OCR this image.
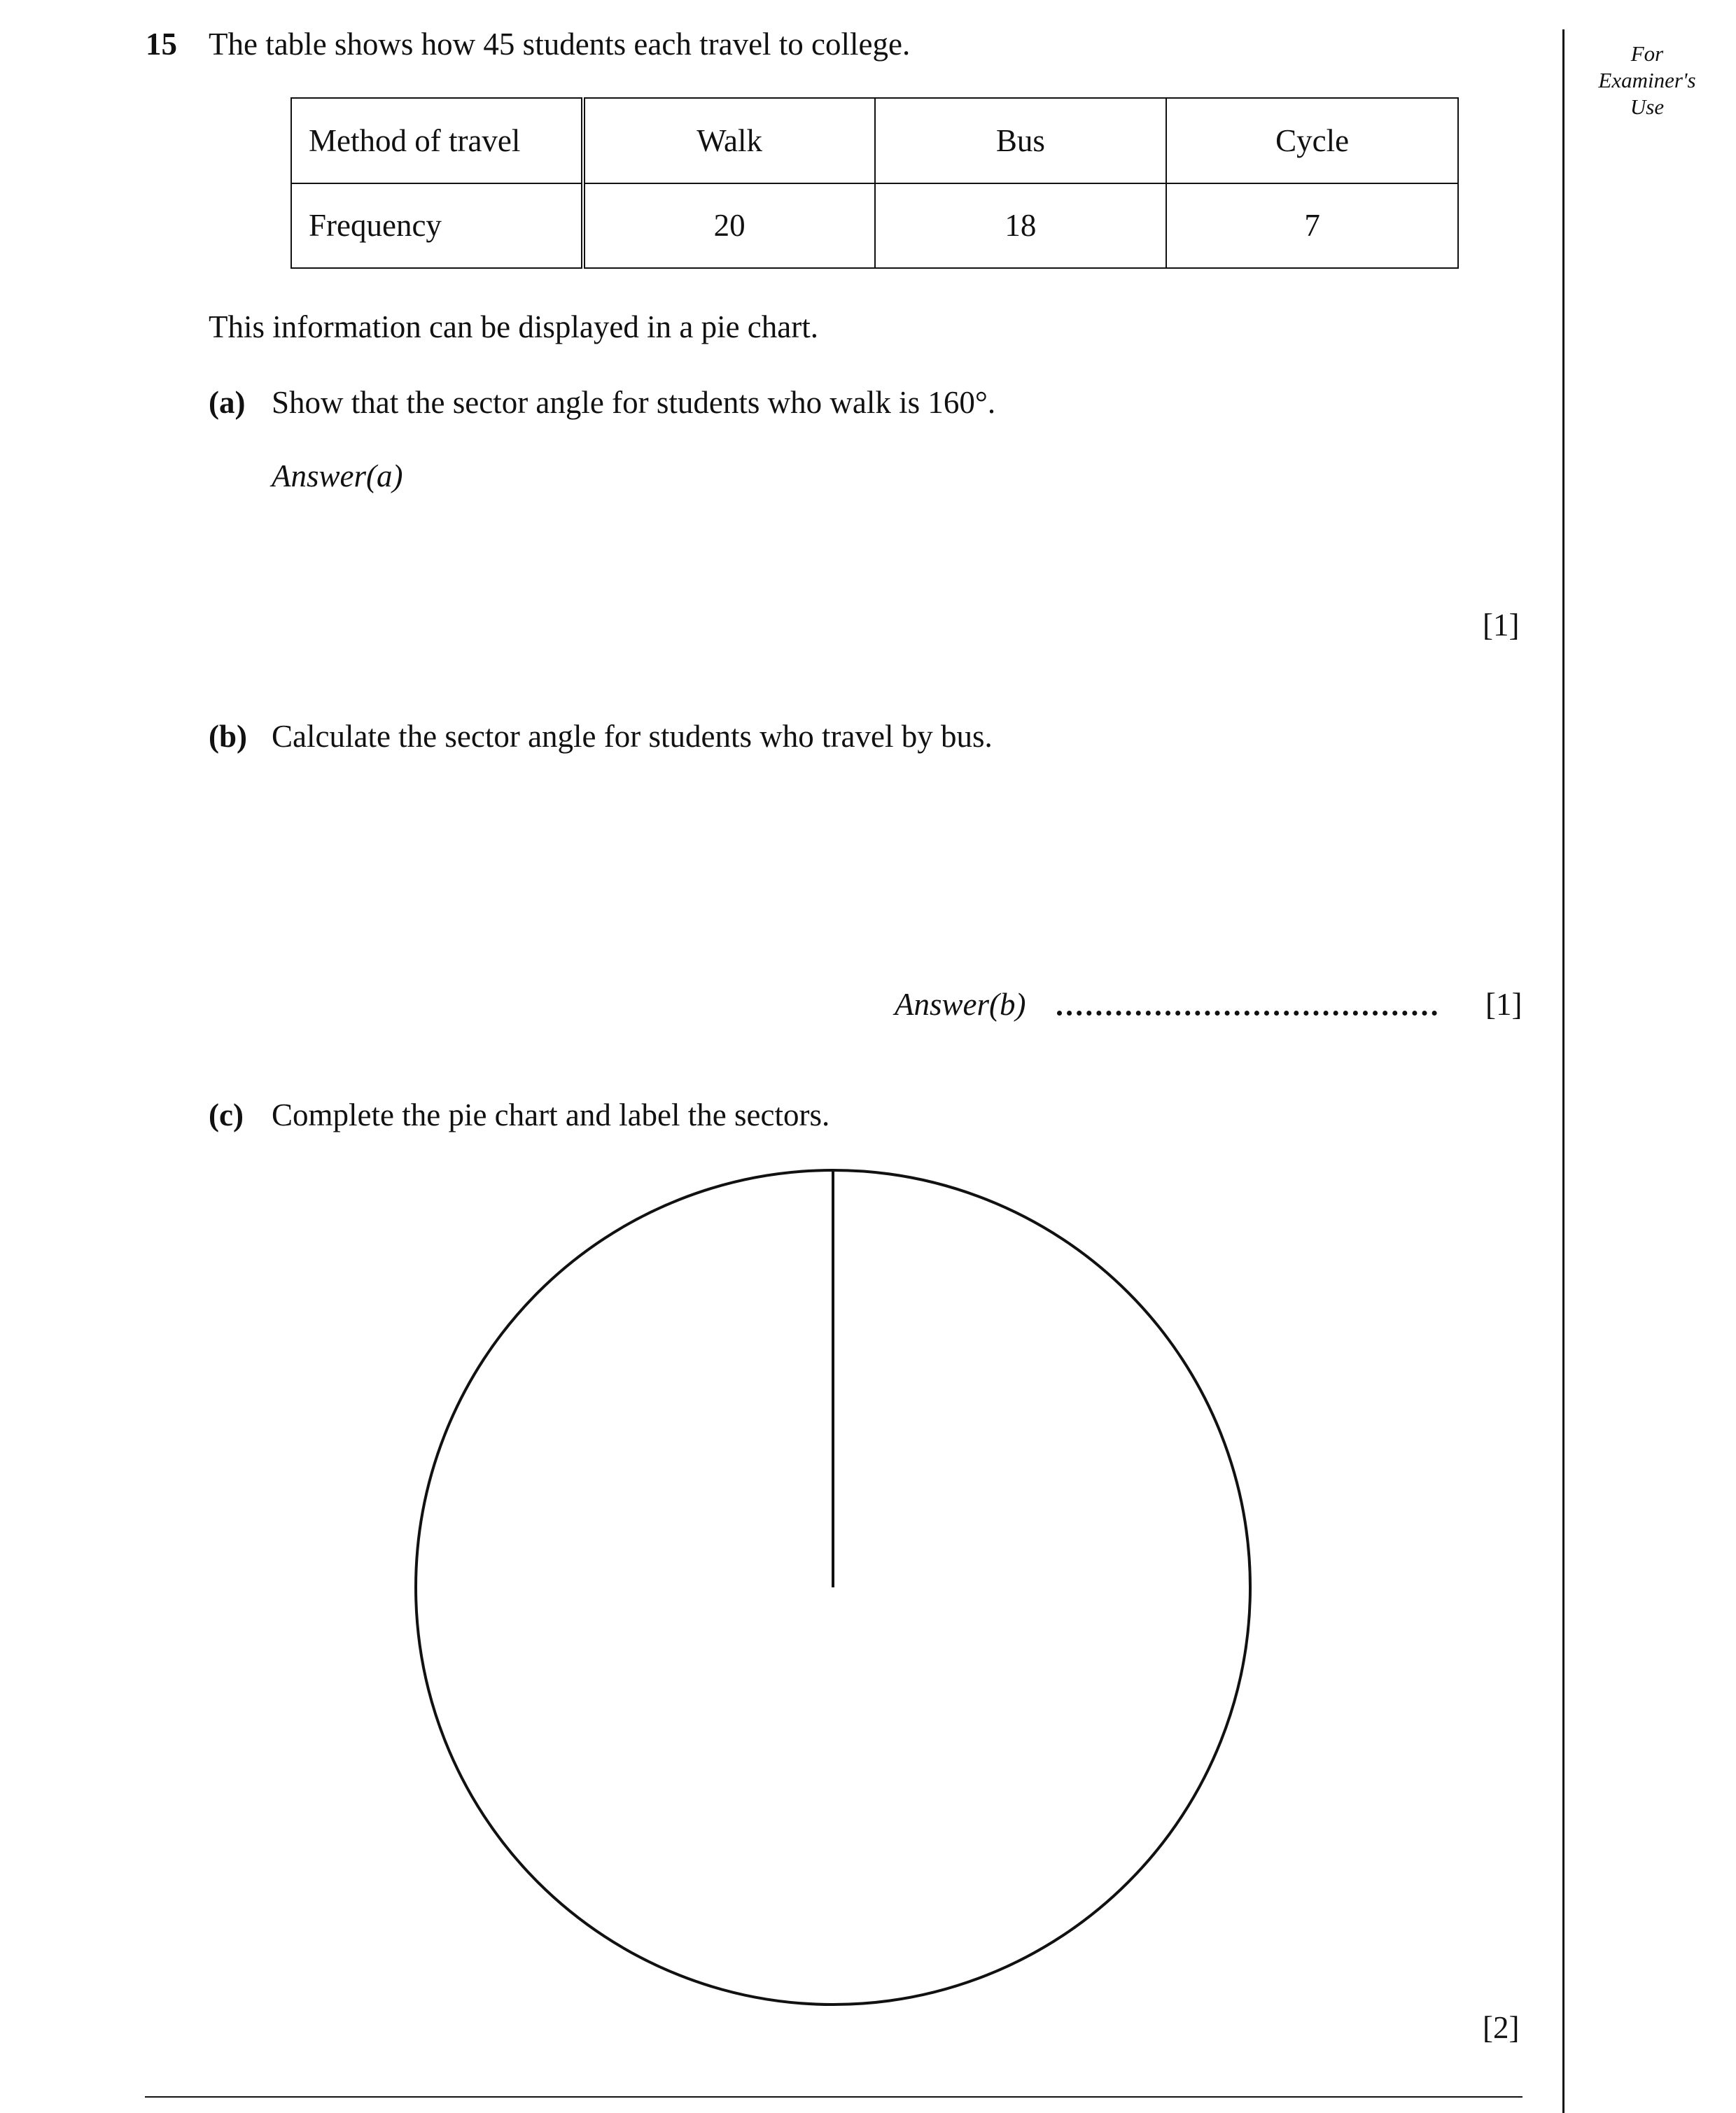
15 The table shows how 45 students each travel to college.	For
Examiner's
Use
Method of travel	Walk	Bus	Cycle
Frequency	20	18	7
This information can be displayed in a pie chart.
(a) Show that the sector angle for students who walk is 160°.
Answer(a)
[1]
(b) Calculate the sector angle for students who travel by bus.
Answer(b)	[1]
(c) Complete the pie chart and label the sectors.
[2]
